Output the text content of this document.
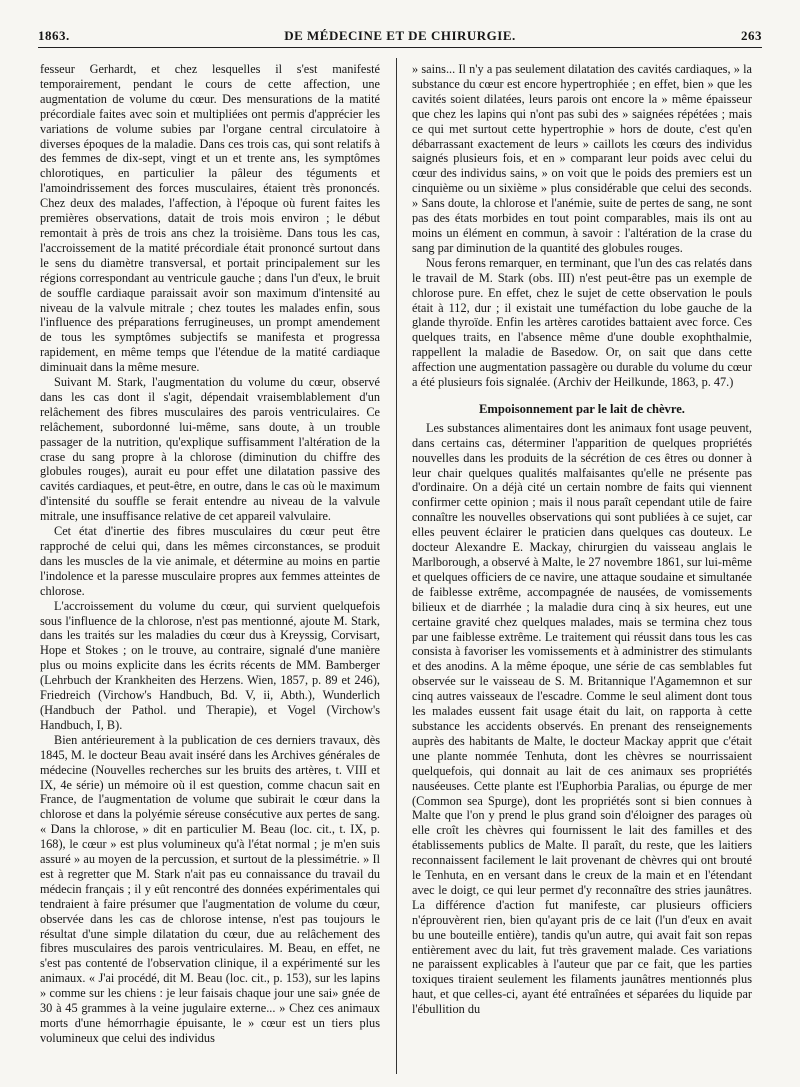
1863.	DE MÉDECINE ET DE CHIRURGIE.	263

fesseur Gerhardt, et chez lesquelles il s'est manifesté temporairement, pendant le cours de cette affection, une augmentation de volume du cœur. Des mensurations de la matité précordiale faites avec soin et multipliées ont permis d'apprécier les variations de volume subies par l'organe central circulatoire à diverses époques de la maladie. Dans ces trois cas, qui sont relatifs à des femmes de dix-sept, vingt et un et trente ans, les symptômes chlorotiques, en particulier la pâleur des téguments et l'amoindrissement des forces musculaires, étaient très prononcés. Chez deux des malades, l'affection, à l'époque où furent faites les premières observations, datait de trois mois environ ; le début remontait à près de trois ans chez la troisième. Dans tous les cas, l'accroissement de la matité précordiale était prononcé surtout dans le sens du diamètre transversal, et portait principalement sur les régions correspondant au ventricule gauche ; dans l'un d'eux, le bruit de souffle cardiaque paraissait avoir son maximum d'intensité au niveau de la valvule mitrale ; chez toutes les malades enfin, sous l'influence des préparations ferrugineuses, un prompt amendement de tous les symptômes subjectifs se manifesta et progressa rapidement, en même temps que l'étendue de la matité cardiaque diminuait dans la même mesure.

Suivant M. Stark, l'augmentation du volume du cœur, observé dans les cas dont il s'agit, dépendait vraisemblablement d'un relâchement des fibres musculaires des parois ventriculaires. Ce relâchement, subordonné lui-même, sans doute, à un trouble passager de la nutrition, qu'explique suffisamment l'altération de la crase du sang propre à la chlorose (diminution du chiffre des globules rouges), aurait eu pour effet une dilatation passive des cavités cardiaques, et peut-être, en outre, dans le cas où le maximum d'intensité du souffle se ferait entendre au niveau de la valvule mitrale, une insuffisance relative de cet appareil valvulaire.

Cet état d'inertie des fibres musculaires du cœur peut être rapproché de celui qui, dans les mêmes circonstances, se produit dans les muscles de la vie animale, et détermine au moins en partie l'indolence et la paresse musculaire propres aux femmes atteintes de chlorose.

L'accroissement du volume du cœur, qui survient quelquefois sous l'influence de la chlorose, n'est pas mentionné, ajoute M. Stark, dans les traités sur les maladies du cœur dus à Kreyssig, Corvisart, Hope et Stokes ; on le trouve, au contraire, signalé d'une manière plus ou moins explicite dans les écrits récents de MM. Bamberger (Lehrbuch der Krankheiten des Herzens. Wien, 1857, p. 89 et 246), Friedreich (Virchow's Handbuch, Bd. V, ii, Abth.), Wunderlich (Handbuch der Pathol. und Therapie), et Vogel (Virchow's Handbuch, I, B).

Bien antérieurement à la publication de ces derniers travaux, dès 1845, M. le docteur Beau avait inséré dans les Archives générales de médecine (Nouvelles recherches sur les bruits des artères, t. VIII et IX, 4e série) un mémoire où il est question, comme chacun sait en France, de l'augmentation de volume que subirait le cœur dans la chlorose et dans la polyémie séreuse consécutive aux pertes de sang. « Dans la chlorose, » dit en particulier M. Beau (loc. cit., t. IX, p. 168), le cœur » est plus volumineux qu'à l'état normal ; je m'en suis assuré » au moyen de la percussion, et surtout de la plessimétrie. » Il est à regretter que M. Stark n'ait pas eu connaissance du travail du médecin français ; il y eût rencontré des données expérimentales qui tendraient à faire présumer que l'augmentation de volume du cœur, observée dans les cas de chlorose intense, n'est pas toujours le résultat d'une simple dilatation du cœur, due au relâchement des fibres musculaires des parois ventriculaires. M. Beau, en effet, ne s'est pas contenté de l'observation clinique, il a expérimenté sur les animaux. « J'ai procédé, dit M. Beau (loc. cit., p. 153), sur les lapins » comme sur les chiens : je leur faisais chaque jour une sai» gnée de 30 à 45 grammes à la veine jugulaire externe... » Chez ces animaux morts d'une hémorrhagie épuisante, le » cœur est un tiers plus volumineux que celui des individus

» sains... Il n'y a pas seulement dilatation des cavités cardiaques, » la substance du cœur est encore hypertrophiée ; en effet, bien » que les cavités soient dilatées, leurs parois ont encore la » même épaisseur que chez les lapins qui n'ont pas subi des » saignées répétées ; mais ce qui met surtout cette hypertrophie » hors de doute, c'est qu'en débarrassant exactement de leurs » caillots les cœurs des individus saignés plusieurs fois, et en » comparant leur poids avec celui du cœur des individus sains, » on voit que le poids des premiers est un cinquième ou un sixième » plus considérable que celui des seconds. » Sans doute, la chlorose et l'anémie, suite de pertes de sang, ne sont pas des états morbides en tout point comparables, mais ils ont au moins un élément en commun, à savoir : l'altération de la crase du sang par diminution de la quantité des globules rouges.

Nous ferons remarquer, en terminant, que l'un des cas relatés dans le travail de M. Stark (obs. III) n'est peut-être pas un exemple de chlorose pure. En effet, chez le sujet de cette observation le pouls était à 112, dur ; il existait une tuméfaction du lobe gauche de la glande thyroïde. Enfin les artères carotides battaient avec force. Ces quelques traits, en l'absence même d'une double exophthalmie, rappellent la maladie de Basedow. Or, on sait que dans cette affection une augmentation passagère ou durable du volume du cœur a été plusieurs fois signalée. (Archiv der Heilkunde, 1863, p. 47.)

Empoisonnement par le lait de chèvre.

Les substances alimentaires dont les animaux font usage peuvent, dans certains cas, déterminer l'apparition de quelques propriétés nouvelles dans les produits de la sécrétion de ces êtres ou donner à leur chair quelques qualités malfaisantes qu'elle ne présente pas d'ordinaire. On a déjà cité un certain nombre de faits qui viennent confirmer cette opinion ; mais il nous paraît cependant utile de faire connaître les nouvelles observations qui sont publiées à ce sujet, car elles peuvent éclairer le praticien dans quelques cas douteux. Le docteur Alexandre E. Mackay, chirurgien du vaisseau anglais le Marlborough, a observé à Malte, le 27 novembre 1861, sur lui-même et quelques officiers de ce navire, une attaque soudaine et simultanée de faiblesse extrême, accompagnée de nausées, de vomissements bilieux et de diarrhée ; la maladie dura cinq à six heures, eut une certaine gravité chez quelques malades, mais se termina chez tous par une faiblesse extrême. Le traitement qui réussit dans tous les cas consista à favoriser les vomissements et à administrer des stimulants et des anodins. A la même époque, une série de cas semblables fut observée sur le vaisseau de S. M. Britannique l'Agamemnon et sur cinq autres vaisseaux de l'escadre. Comme le seul aliment dont tous les malades eussent fait usage était du lait, on rapporta à cette substance les accidents observés. En prenant des renseignements auprès des habitants de Malte, le docteur Mackay apprit que c'était une plante nommée Tenhuta, dont les chèvres se nourrissaient quelquefois, qui donnait au lait de ces animaux ses propriétés nauséeuses. Cette plante est l'Euphorbia Paralias, ou épurge de mer (Common sea Spurge), dont les propriétés sont si bien connues à Malte que l'on y prend le plus grand soin d'éloigner des parages où elle croît les chèvres qui fournissent le lait des familles et des établissements publics de Malte. Il paraît, du reste, que les laitiers reconnaissent facilement le lait provenant de chèvres qui ont brouté le Tenhuta, en en versant dans le creux de la main et en l'étendant avec le doigt, ce qui leur permet d'y reconnaître des stries jaunâtres. La différence d'action fut manifeste, car plusieurs officiers n'éprouvèrent rien, bien qu'ayant pris de ce lait (l'un d'eux en avait bu une bouteille entière), tandis qu'un autre, qui avait fait son repas entièrement avec du lait, fut très gravement malade. Ces variations ne paraissent explicables à l'auteur que par ce fait, que les parties toxiques tiraient seulement les filaments jaunâtres mentionnés plus haut, et que celles-ci, ayant été entraînées et séparées du liquide par l'ébullition du
